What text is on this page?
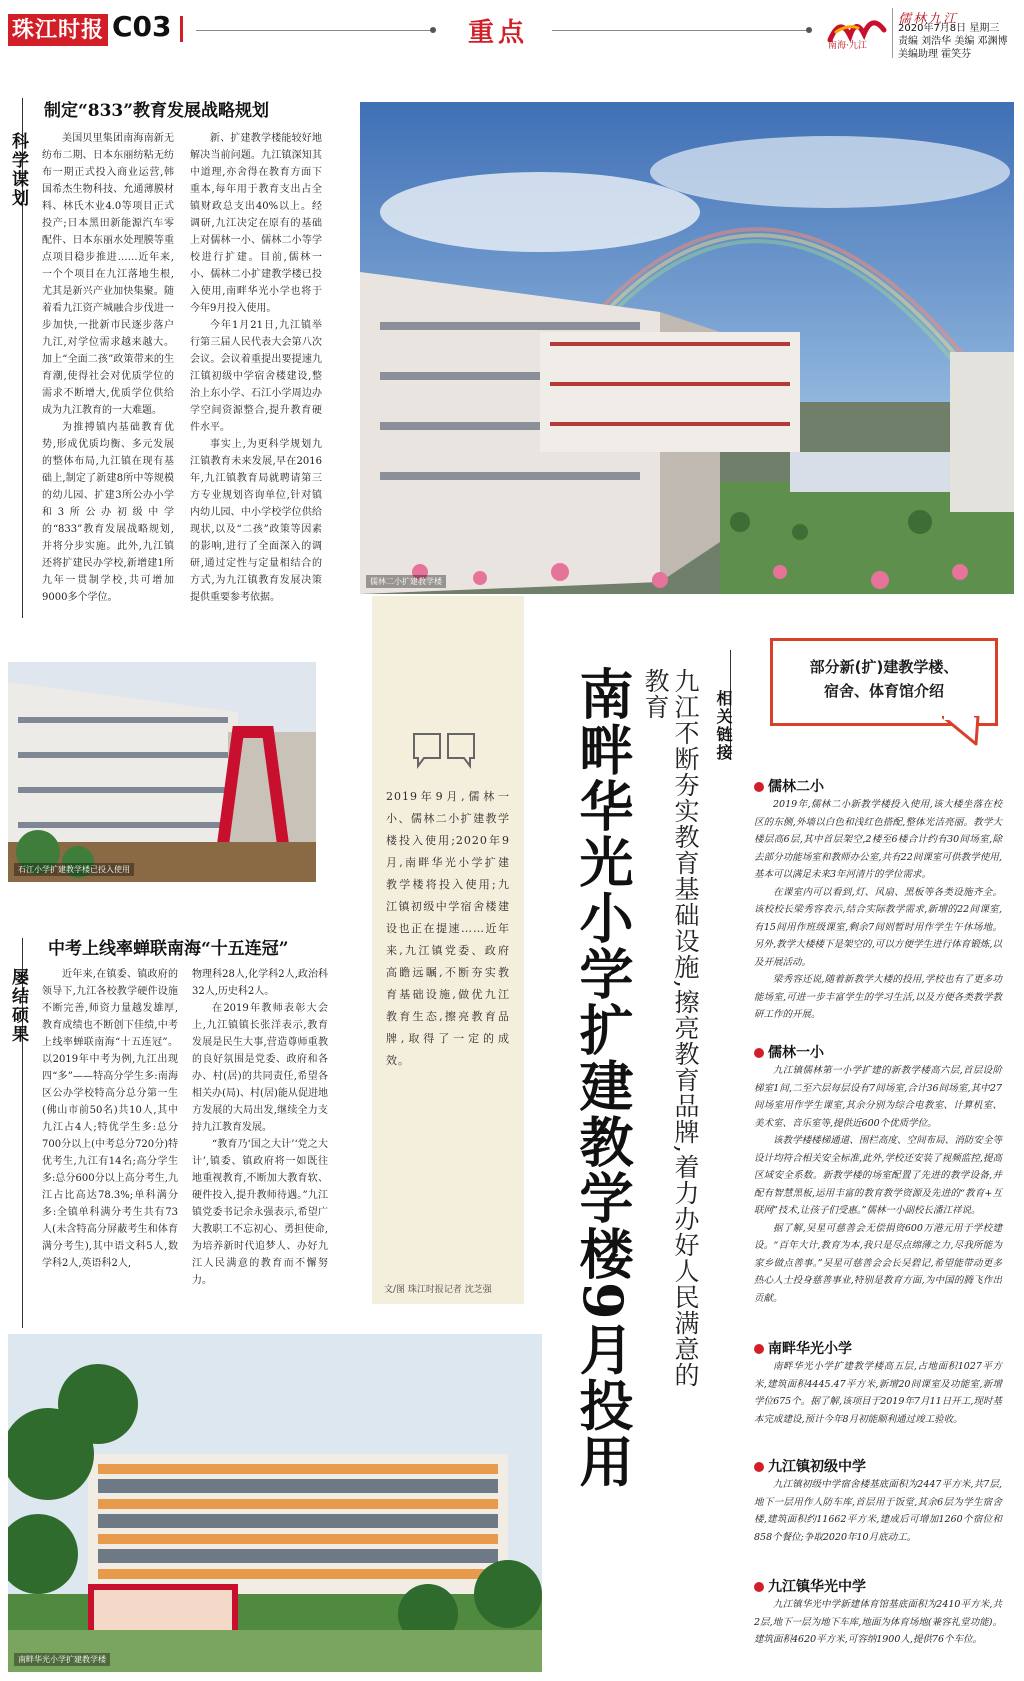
珠江时报 C03	重点	南海·九江
儒林九江
2020年7月8日 星期三
责编 刘浩华 美编 邓渊博
美编助理 霍笑芬
科学谋划
制定“833”教育发展战略规划

美国贝里集团南海南新无纺布二期、日本东丽纺粘无纺布一期正式投入商业运营,韩国希杰生物科技、允通薄膜材料、林氏木业4.0等项目正式投产;日本黑田新能源汽车零配件、日本东丽水处理膜等重点项目稳步推进……近年来,一个个项目在九江落地生根,尤其是新兴产业加快集聚。随着看九江资产城融合步伐进一步加快,一批新市民逐步落户九江,对学位需求越来越大。加上“全面二孩”政策带来的生育潮,使得社会对优质学位的需求不断增大,优质学位供给成为九江教育的一大难题。

为推搏镇内基础教育优势,形成优质均衡、多元发展的整体布局,九江镇在现有基础上,制定了新建8所中等规模的幼儿园、扩建3所公办小学和3所公办初级中学的“833”教育发展战略规划,并将分步实施。此外,九江镇还将扩建民办学校,新增建1所九年一贯制学校,共可增加9000多个学位。

新、扩建教学楼能较好地解决当前问题。九江镇深知其中道理,亦舍得在教育方面下重本,每年用于教育支出占全镇财政总支出40%以上。经调研,九江决定在原有的基础上对儒林一小、儒林二小等学校进行扩建。目前,儒林一小、儒林二小扩建教学楼已投入使用,南畔华光小学也将于今年9月投入使用。

今年1月21日,九江镇举行第三届人民代表大会第八次会议。会议着重提出要提速九江镇初级中学宿舍楼建设,整治上东小学、石江小学周边办学空间资源整合,提升教育硬件水平。

事实上,为更科学规划九江镇教育未来发展,早在2016年,九江镇教育局就聘请第三方专业规划咨询单位,针对镇内幼儿园、中小学校学位供给现状,以及“二孩”政策等因素的影响,进行了全面深入的调研,通过定性与定量相结合的方式,为九江镇教育发展决策提供重要参考依据。

儒林二小扩建教学楼
石江小学扩建教学楼已投入使用
屡结硕果
中考上线率蝉联南海“十五连冠”

近年来,在镇委、镇政府的领导下,九江各校教学硬件设施不断完善,师资力量越发雄厚,教育成绩也不断创下佳绩,中考上线率蝉联南海“十五连冠”。以2019年中考为例,九江出现四“多”——特高分学生多:南海区公办学校特高分总分第一生(佛山市前50名)共10人,其中九江占4人;特优学生多:总分700分以上(中考总分720分)特优考生,九江有14名;高分学生多:总分600分以上高分考生,九江占比高达78.3%;单科满分多:全镇单科满分考生共有73人(未含特高分屏蔽考生和体育满分考生),其中语文科5人,数学科2人,英语科2人,

物理科28人,化学科2人,政治科32人,历史科2人。

在2019年教师表彰大会上,九江镇镇长张洋表示,教育发展是民生大事,营造尊师重教的良好氛围是党委、政府和各办、村(居)的共同责任,希望各相关办(局)、村(居)能从促进地方发展的大局出发,继续全力支持九江教育发展。

“教育乃‘国之大计’‘党之大计’,镇委、镇政府将一如既往地重视教育,不断加大教育软、硬件投入,提升教师待遇。”九江镇党委书记余永强表示,希望广大教职工不忘初心、勇担使命,为培养新时代追梦人、办好九江人民满意的教育而不懈努力。

南畔华光小学扩建教学楼
2019年9月,儒林一小、儒林二小扩建教学楼投入使用;2020年9月,南畔华光小学扩建教学楼将投入使用;九江镇初级中学宿舍楼建设也正在提速……近年来,九江镇党委、政府高瞻远瞩,不断夯实教育基础设施,做优九江教育生态,擦亮教育品牌,取得了一定的成效。
文/图 珠江时报记者 沈芝强	九江不断夯实教育基础设施,擦亮教育品牌,着力办好人民满意的教育
南畔华光小学扩建教学楼9月投用	相关链接
部分新(扩)建教学楼、
宿舍、体育馆介绍
儒林二小

2019年,儒林二小新教学楼投入使用,该大楼坐落在校区的东侧,外墙以白色和浅红色搭配,整体光洁亮丽。教学大楼层高6层,其中首层架空,2楼至6楼合计约有30间场室,除去部分功能场室和教师办公室,共有22间课室可供教学使用,基本可以满足未来3年河清片的学位需求。

在课室内可以看到,灯、风扇、黑板等各类设施齐全。该校校长梁秀容表示,结合实际教学需求,新增的22间课室,有15间用作班级课室,剩余7间则暂时用作学生午休场地。另外,教学大楼楼下是架空的,可以方便学生进行体育锻炼,以及开展活动。

梁秀容还说,随着新教学大楼的投用,学校也有了更多功能场室,可进一步丰富学生的学习生活,以及方便各类教学教研工作的开展。

儒林一小

九江镇儒林第一小学扩建的新教学楼高六层,首层设阶梯室1间,二至六层每层设有7间场室,合计36间场室,其中27间场室用作学生课室,其余分别为综合电教室、计算机室、美术室、音乐室等,提供近600个优质学位。

该教学楼楼梯通道、围栏高度、空间布局、消防安全等设计均符合相关安全标准,此外,学校还安装了视频监控,提高区域安全系数。新教学楼的场室配置了先进的教学设备,并配有智慧黑板,运用丰富的教育教学资源及先进的“教育+互联网”技术,让孩子们受惠。”儒林一小副校长潘江祥说。

据了解,吴星可慈善会无偿捐资600万港元用于学校建设。“百年大计,教育为本,我只是尽点绵薄之力,尽我所能为家乡做点善事。”吴星可慈善会会长吴碧记,希望能带动更多热心人士投身慈善事业,特别是教育方面,为中国的腾飞作出贡献。

南畔华光小学

南畔华光小学扩建教学楼高五层,占地面积1027平方米,建筑面积4445.47平方米,新增20间课室及功能室,新增学位675个。据了解,该项目于2019年7月11日开工,现时基本完成建设,预计今年8月初能顺利通过竣工验收。

九江镇初级中学

九江镇初级中学宿舍楼基底面积为2447平方米,共7层,地下一层用作人防车库,首层用于饭堂,其余6层为学生宿舍楼,建筑面积约11662平方米,建成后可增加1260个宿位和858个餐位;争取2020年10月底动工。

九江镇华光中学

九江镇华光中学新建体育馆基底面积为2410平方米,共2层,地下一层为地下车库,地面为体育场地(兼容礼堂功能)。建筑面积4620平方米,可容纳1900人,提供76个车位。
